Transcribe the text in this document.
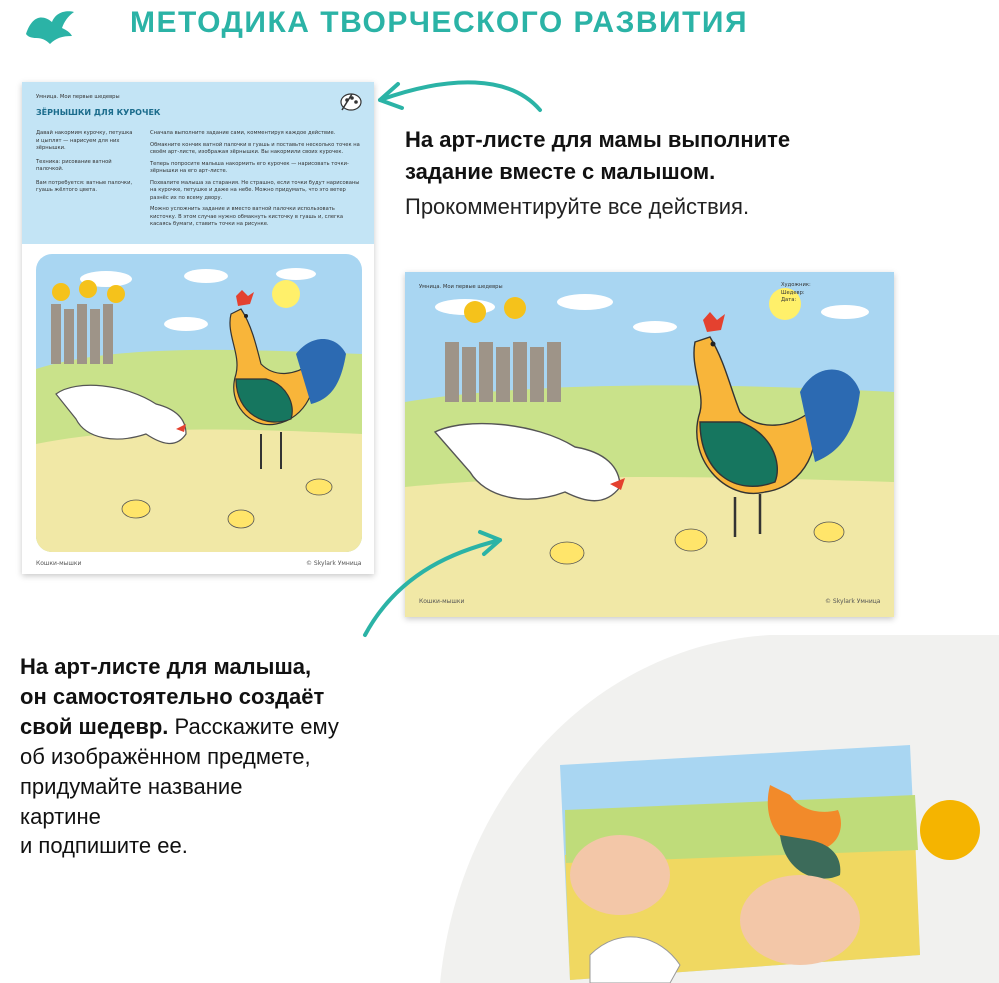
МЕТОДИКА ТВОРЧЕСКОГО РАЗВИТИЯ
Умница. Мои первые шедевры
ЗЁРНЫШКИ ДЛЯ КУРОЧЕК
Давай накормим курочку, петушка и цыплят — нарисуем для них зёрнышки.
Техника: рисование ватной палочкой.
Вам потребуется: ватные палочки, гуашь жёлтого цвета.
Сначала выполните задание сами, комментируя каждое действие.
Обмакните кончик ватной палочки в гуашь и поставьте несколько точек на своём арт-листе, изображая зёрнышки. Вы накормили своих курочек.
Теперь попросите малыша накормить его курочек — нарисовать точки-зёрнышки на его арт-листе.
Похвалите малыша за старания. Не страшно, если точки будут нарисованы на курочке, петушке и даже на небе. Можно придумать, что это ветер разнёс их по всему двору.
Можно усложнить задание и вместо ватной палочки использовать кисточку. В этом случае нужно обмакнуть кисточку в гуашь и, слегка касаясь бумаги, ставить точки на рисунке.
Кошки-мышки	© Skylark Умница
На арт-листе для мамы выполните
задание вместе с малышом.
Прокомментируйте все действия.
Умница. Мои первые шедевры	Художник:
Шедевр:
Дата:
Кошки-мышки	© Skylark Умница
На арт-листе для малыша,
он самостоятельно создаёт
свой шедевр. Расскажите ему
об изображённом предмете,
придумайте название
картине
и подпишите ее.
